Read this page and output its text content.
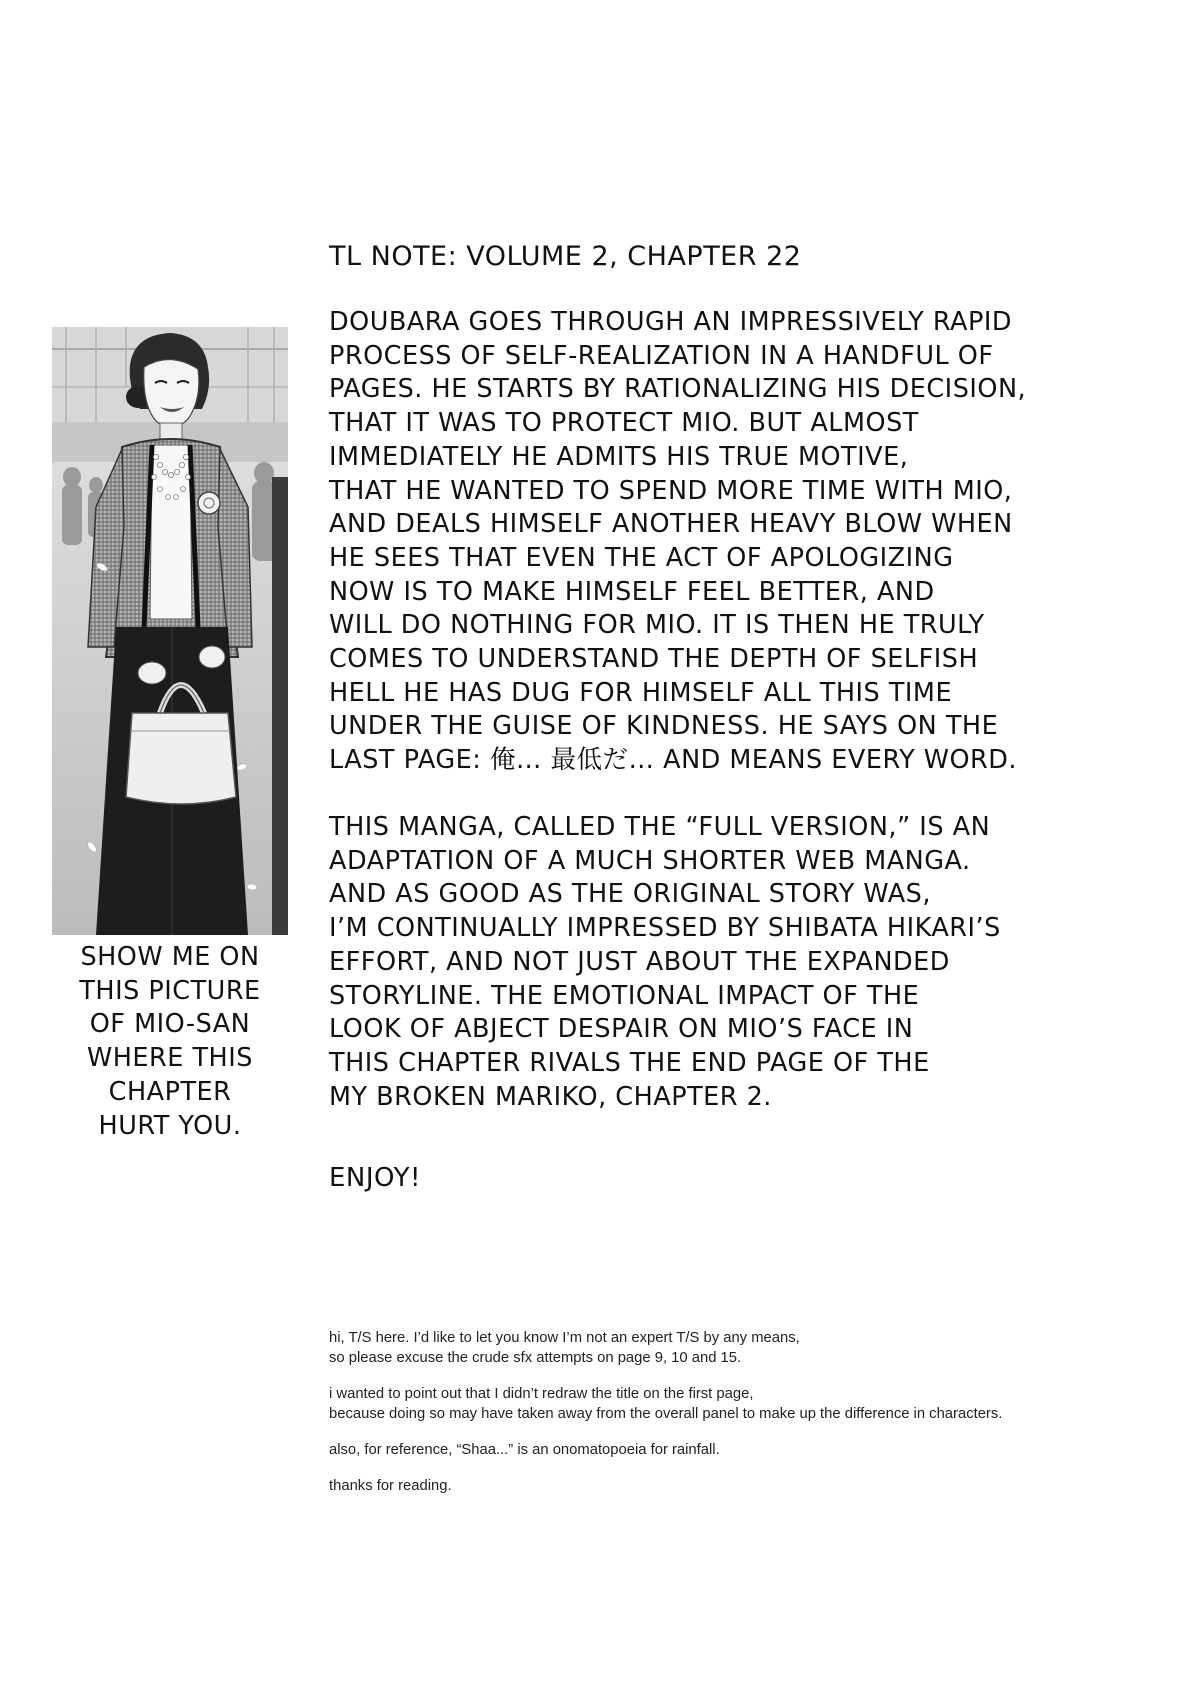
TL NOTE: VOLUME 2, CHAPTER 22
DOUBARA GOES THROUGH AN IMPRESSIVELY RAPID
PROCESS OF SELF-REALIZATION IN A HANDFUL OF
PAGES. HE STARTS BY RATIONALIZING HIS DECISION,
THAT IT WAS TO PROTECT MIO. BUT ALMOST
IMMEDIATELY HE ADMITS HIS TRUE MOTIVE,
THAT HE WANTED TO SPEND MORE TIME WITH MIO,
AND DEALS HIMSELF ANOTHER HEAVY BLOW WHEN
HE SEES THAT EVEN THE ACT OF APOLOGIZING
NOW IS TO MAKE HIMSELF FEEL BETTER, AND
WILL DO NOTHING FOR MIO. IT IS THEN HE TRULY
COMES TO UNDERSTAND THE DEPTH OF SELFISH
HELL HE HAS DUG FOR HIMSELF ALL THIS TIME
UNDER THE GUISE OF KINDNESS. HE SAYS ON THE
LAST PAGE: 俺… 最低だ… AND MEANS EVERY WORD.
THIS MANGA, CALLED THE “FULL VERSION,” IS AN
ADAPTATION OF A MUCH SHORTER WEB MANGA.
AND AS GOOD AS THE ORIGINAL STORY WAS,
I’M CONTINUALLY IMPRESSED BY SHIBATA HIKARI’S
EFFORT, AND NOT JUST ABOUT THE EXPANDED
STORYLINE. THE EMOTIONAL IMPACT OF THE
LOOK OF ABJECT DESPAIR ON MIO’S FACE IN
THIS CHAPTER RIVALS THE END PAGE OF THE
MY BROKEN MARIKO, CHAPTER 2.
ENJOY!
SHOW ME ON
THIS PICTURE
OF MIO-SAN
WHERE THIS
CHAPTER
HURT YOU.

hi, T/S here. I’d like to let you know I’m not an expert T/S by any means,
so please excuse the crude sfx attempts on page 9, 10 and 15.

i wanted to point out that I didn’t redraw the title on the first page,
because doing so may have taken away from the overall panel to make up the difference in characters.

also, for reference, “Shaa...” is an onomatopoeia for rainfall.

thanks for reading.
